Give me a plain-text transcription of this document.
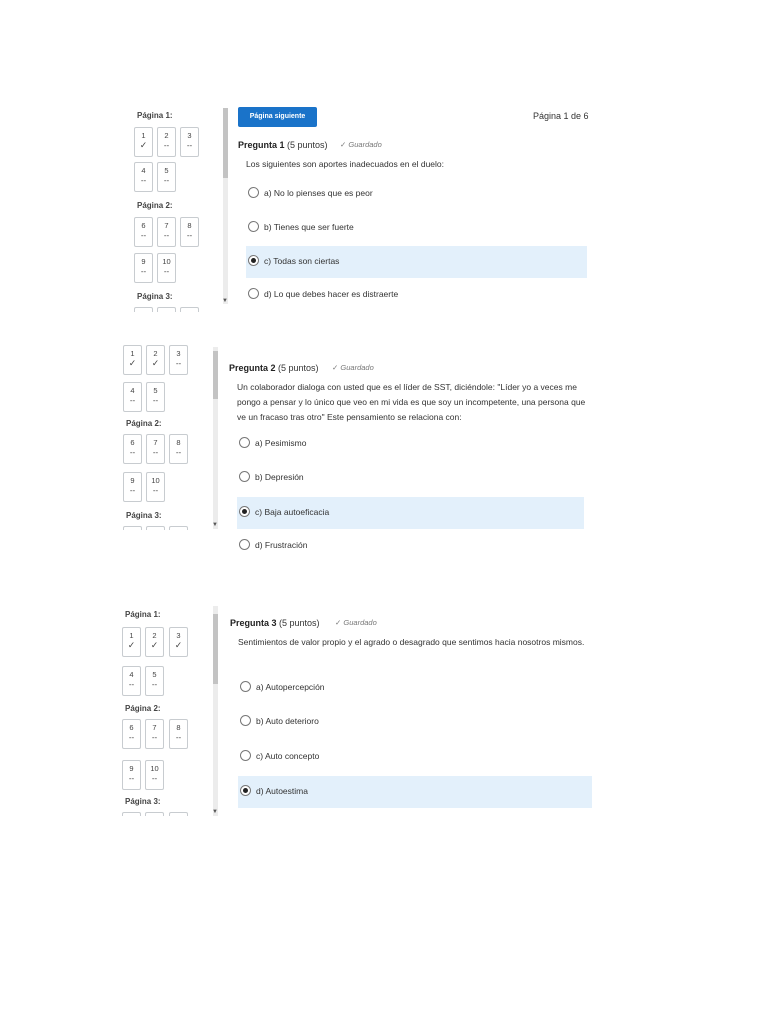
Página 1:
1
✓
2
--
3
--
4
--
5
--
Página 2:
6
--
7
--
8
--
9
--
10
--
Página 3:	▼
Página siguiente	Página 1 de 6
Pregunta 1 (5 puntos) ✓ Guardado
Los siguientes son aportes inadecuados en el duelo:
a) No lo pienses que es peor
b) Tienes que ser fuerte
c) Todas son ciertas
d) Lo que debes hacer es distraerte
1
✓
2
✓
3
--
4
--
5
--
Página 2:
6
--
7
--
8
--
9
--
10
--
Página 3:
▼
Pregunta 2 (5 puntos) ✓ Guardado
Un colaborador dialoga con usted que es el líder de SST, diciéndole: "Líder yo a veces me pongo a pensar y lo único que veo en mi vida es que soy un incompetente, una persona que ve un fracaso tras otro" Este pensamiento se relaciona con:
a) Pesimismo
b) Depresión
c) Baja autoeficacia
d) Frustración
Página 1:
1
✓
2
✓
3
✓
4
--
5
--
Página 2:
6
--
7
--
8
--
9
--
10
--
Página 3:
▼
Pregunta 3 (5 puntos) ✓ Guardado
Sentimientos de valor propio y el agrado o desagrado que sentimos hacia nosotros mismos.
a) Autopercepción
b) Auto deterioro
c) Auto concepto
d) Autoestima
